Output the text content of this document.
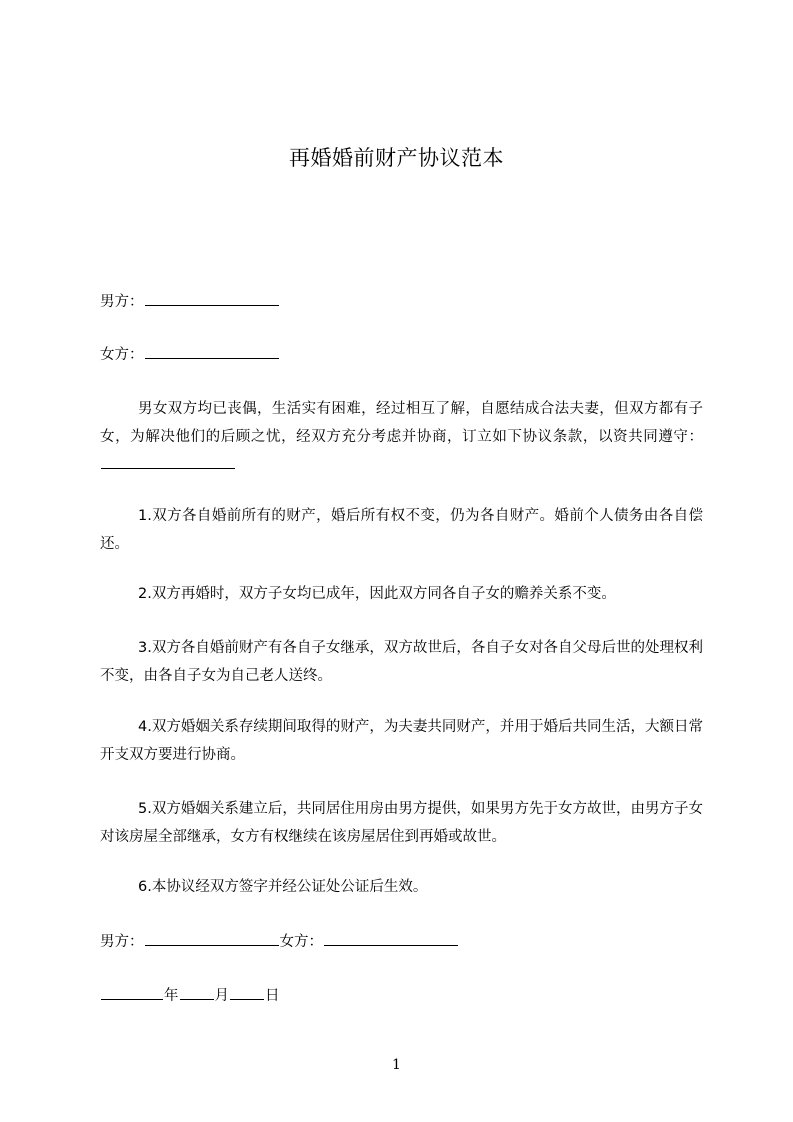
再婚婚前财产协议范本
男方：
女方：
男女双方均已丧偶，生活实有困难，经过相互了解，自愿结成合法夫妻，但双方都有子女，为解决他们的后顾之忧，经双方充分考虑并协商，订立如下协议条款，以资共同遵守：
1.双方各自婚前所有的财产，婚后所有权不变，仍为各自财产。婚前个人债务由各自偿还。
2.双方再婚时，双方子女均已成年，因此双方同各自子女的赡养关系不变。
3.双方各自婚前财产有各自子女继承，双方故世后，各自子女对各自父母后世的处理权利不变，由各自子女为自己老人送终。
4.双方婚姻关系存续期间取得的财产，为夫妻共同财产，并用于婚后共同生活，大额日常开支双方要进行协商。
5.双方婚姻关系建立后，共同居住用房由男方提供，如果男方先于女方故世，由男方子女对该房屋全部继承，女方有权继续在该房屋居住到再婚或故世。
6.本协议经双方签字并经公证处公证后生效。
男方：	女方：
年 月 日
1
